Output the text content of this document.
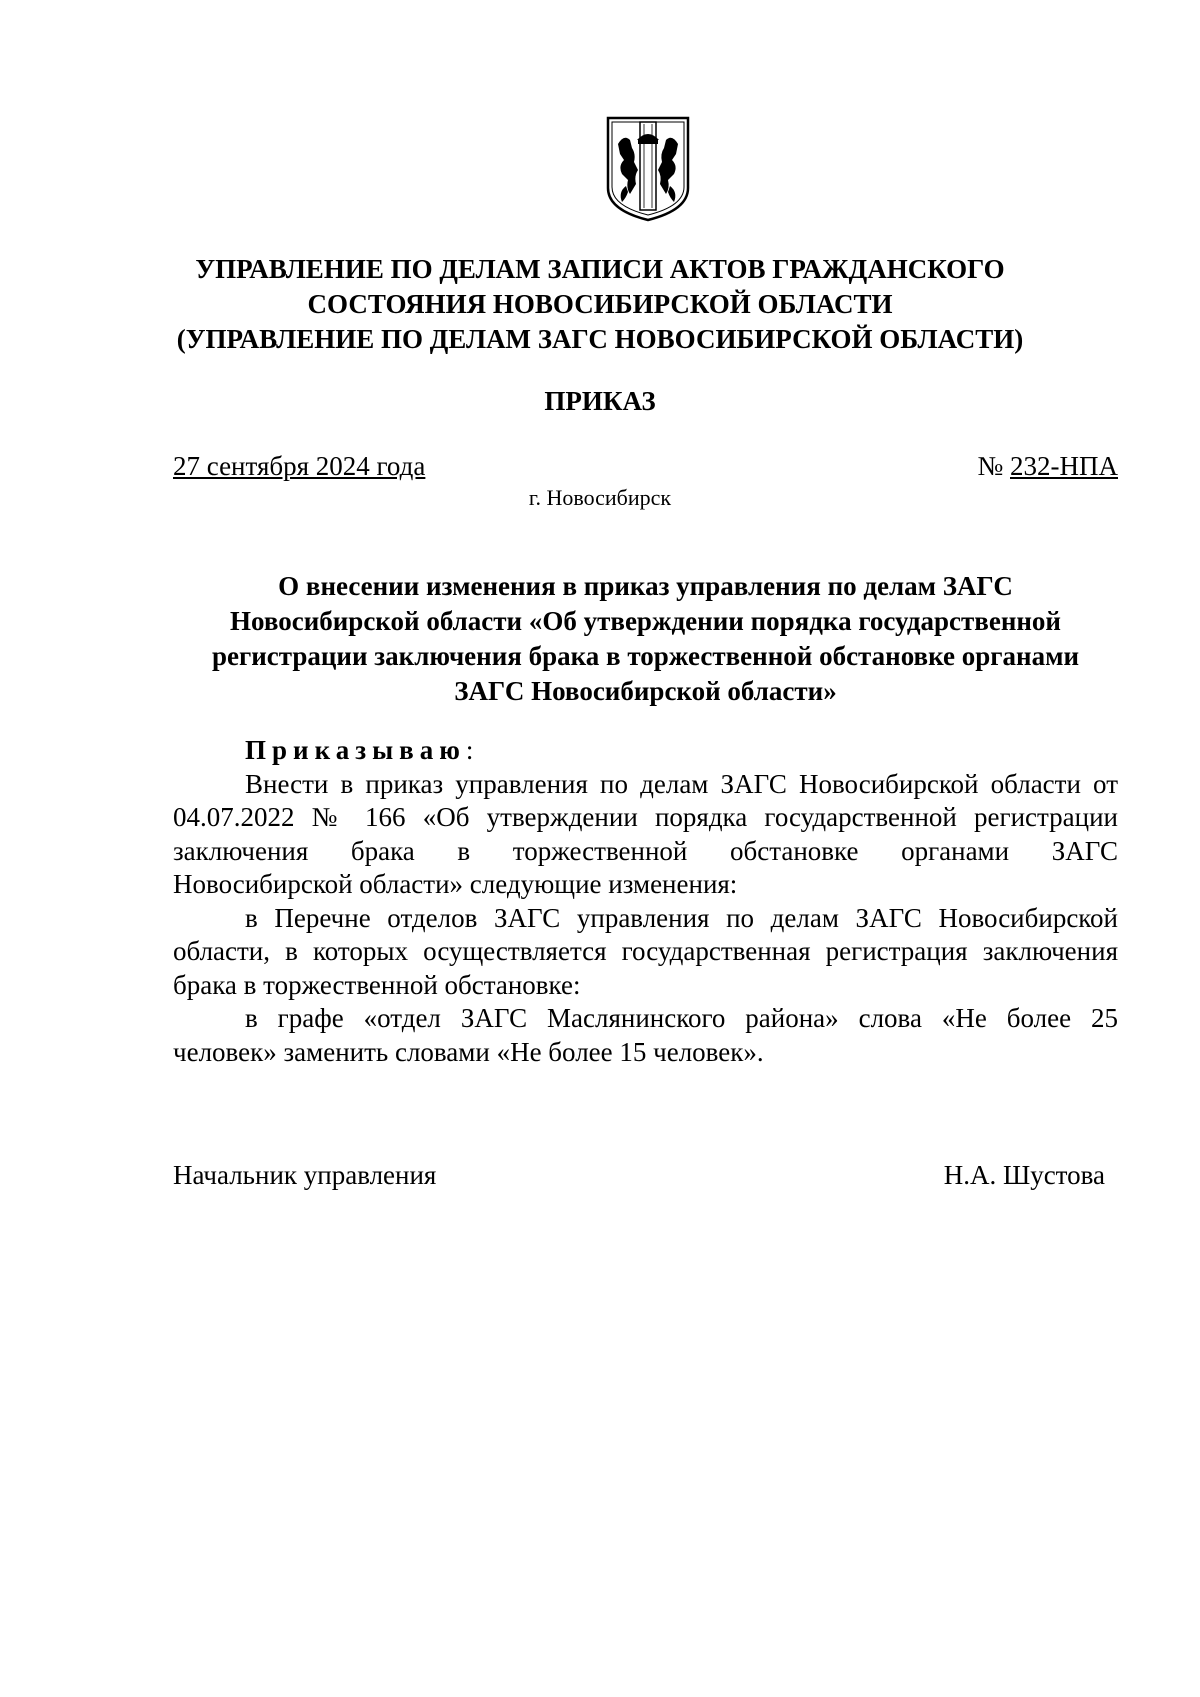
УПРАВЛЕНИЕ ПО ДЕЛАМ ЗАПИСИ АКТОВ ГРАЖДАНСКОГО
СОСТОЯНИЯ НОВОСИБИРСКОЙ ОБЛАСТИ
(УПРАВЛЕНИЕ ПО ДЕЛАМ ЗАГС НОВОСИБИРСКОЙ ОБЛАСТИ)
ПРИКАЗ
27 сентября 2024 года	№ 232-НПА
г. Новосибирск
О внесении изменения в приказ управления по делам ЗАГС
Новосибирской области «Об утверждении порядка государственной
регистрации заключения брака в торжественной обстановке органами
ЗАГС Новосибирской области»
Приказываю:
Внести в приказ управления по делам ЗАГС Новосибирской области от
04.07.2022 № 166 «Об утверждении порядка государственной регистрации
заключения брака в торжественной обстановке органами ЗАГС
Новосибирской области» следующие изменения:
в Перечне отделов ЗАГС управления по делам ЗАГС Новосибирской
области, в которых осуществляется государственная регистрация заключения
брака в торжественной обстановке:
в графе «отдел ЗАГС Маслянинского района» слова «Не более 25
человек» заменить словами «Не более 15 человек».
Начальник управления	Н.А. Шустова
